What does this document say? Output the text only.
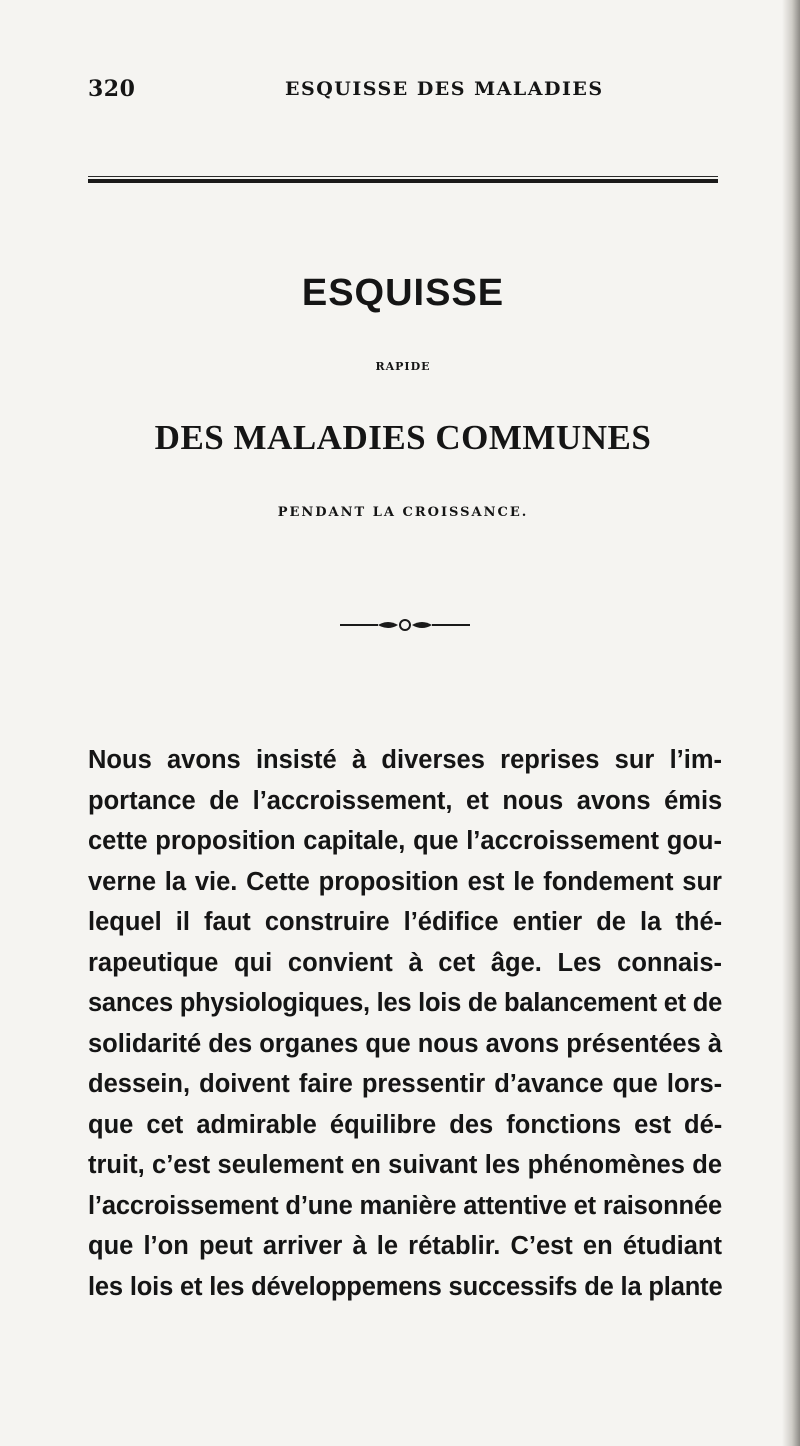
320	ESQUISSE DES MALADIES
ESQUISSE
RAPIDE
DES MALADIES COMMUNES
PENDANT LA CROISSANCE.
Nous avons insisté à diverses reprises sur l’im-
portance de l’accroissement, et nous avons émis
cette proposition capitale, que l’accroissement gou-
verne la vie. Cette proposition est le fondement sur
lequel il faut construire l’édifice entier de la thé-
rapeutique qui convient à cet âge. Les connais-
sances physiologiques, les lois de balancement et de
solidarité des organes que nous avons présentées à
dessein, doivent faire pressentir d’avance que lors-
que cet admirable équilibre des fonctions est dé-
truit, c’est seulement en suivant les phénomènes de
l’accroissement d’une manière attentive et raisonnée
que l’on peut arriver à le rétablir. C’est en étudiant
les lois et les développemens successifs de la plante
